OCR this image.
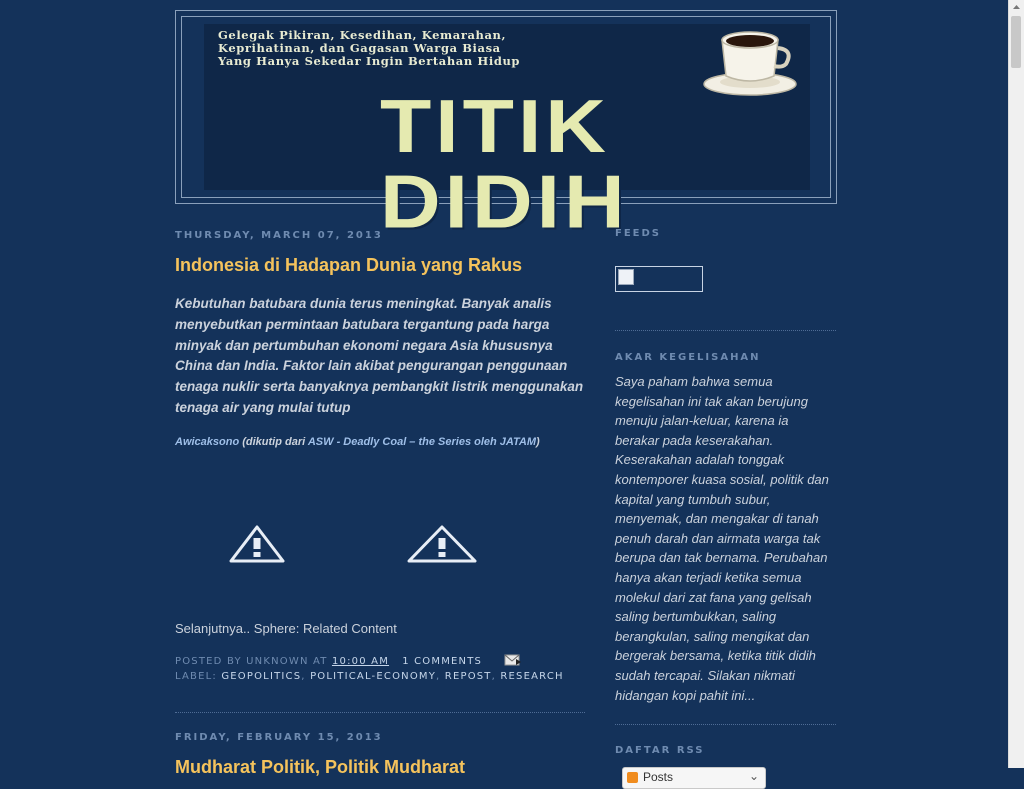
Gelegak Pikiran, Kesedihan, Kemarahan,
Keprihatinan, dan Gagasan Warga Biasa
Yang Hanya Sekedar Ingin Bertahan Hidup
TITIK DIDIH
THURSDAY, MARCH 07, 2013
Indonesia di Hadapan Dunia yang Rakus
Kebutuhan batubara dunia terus meningkat. Banyak analis menyebutkan permintaan batubara tergantung pada harga minyak dan pertumbuhan ekonomi negara Asia khususnya China dan India. Faktor lain akibat pengurangan penggunaan tenaga nuklir serta banyaknya pembangkit listrik menggunakan tenaga air yang mulai tutup
Awicaksono (dikutip dari ASW - Deadly Coal – the Series oleh JATAM)
Selanjutnya.. Sphere: Related Content
POSTED BY UNKNOWN AT 10:00 AM 1 COMMENTS
LABEL: GEOPOLITICS, POLITICAL-ECONOMY, REPOST, RESEARCH
FRIDAY, FEBRUARY 15, 2013
Mudharat Politik, Politik Mudharat
FEEDS
AKAR KEGELISAHAN
Saya paham bahwa semua kegelisahan ini tak akan berujung menuju jalan-keluar, karena ia berakar pada keserakahan. Keserakahan adalah tonggak kontemporer kuasa sosial, politik dan kapital yang tumbuh subur, menyemak, dan mengakar di tanah penuh darah dan airmata warga tak berupa dan tak bernama. Perubahan hanya akan terjadi ketika semua molekul dari zat fana yang gelisah saling bertumbukkan, saling berangkulan, saling mengikat dan bergerak bersama, ketika titik didih sudah tercapai. Silakan nikmati hidangan kopi pahit ini...
DAFTAR RSS
Posts	⌄
